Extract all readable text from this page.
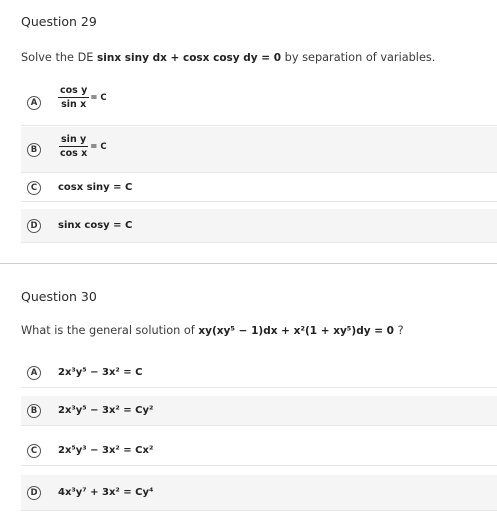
Question 29
Solve the DE sinx siny dx + cosx cosy dy = 0 by separation of variables.
A	$\frac{\text{cos y}}{\text{sin x}} = C$
B	$\frac{\text{sin y}}{\text{cos x}} = C$
C	cosx siny = C
D	sinx cosy = C
Question 30
What is the general solution of xy(xy⁵ − 1)dx + x²(1 + xy⁵)dy = 0 ?
A	2x³y⁵ − 3x² = C
B	2x³y⁵ − 3x² = Cy²
C	2x⁵y³ − 3x² = Cx²
D	4x³y⁷ + 3x² = Cy⁴
